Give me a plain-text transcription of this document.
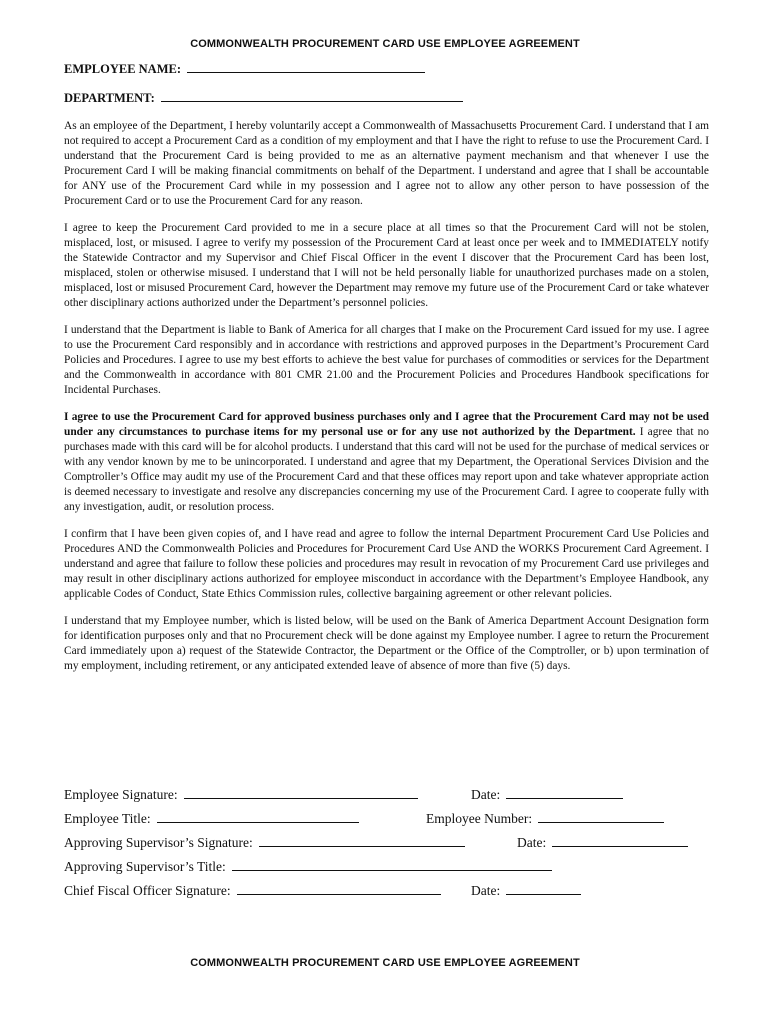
COMMONWEALTH PROCUREMENT CARD USE EMPLOYEE AGREEMENT
EMPLOYEE NAME:
DEPARTMENT:

As an employee of the Department, I hereby voluntarily accept a Commonwealth of Massachusetts Procurement Card. I understand that I am not required to accept a Procurement Card as a condition of my employment and that I have the right to refuse to use the Procurement Card. I understand that the Procurement Card is being provided to me as an alternative payment mechanism and that whenever I use the Procurement Card I will be making financial commitments on behalf of the Department. I understand and agree that I shall be accountable for ANY use of the Procurement Card while in my possession and I agree not to allow any other person to have possession of the Procurement Card or to use the Procurement Card for any reason.

I agree to keep the Procurement Card provided to me in a secure place at all times so that the Procurement Card will not be stolen, misplaced, lost, or misused. I agree to verify my possession of the Procurement Card at least once per week and to IMMEDIATELY notify the Statewide Contractor and my Supervisor and Chief Fiscal Officer in the event I discover that the Procurement Card has been lost, misplaced, stolen or otherwise misused. I understand that I will not be held personally liable for unauthorized purchases made on a stolen, misplaced, lost or misused Procurement Card, however the Department may remove my future use of the Procurement Card or take whatever other disciplinary actions authorized under the Department’s personnel policies.

I understand that the Department is liable to Bank of America for all charges that I make on the Procurement Card issued for my use. I agree to use the Procurement Card responsibly and in accordance with restrictions and approved purposes in the Department’s Procurement Card Policies and Procedures. I agree to use my best efforts to achieve the best value for purchases of commodities or services for the Department and the Commonwealth in accordance with 801 CMR 21.00 and the Procurement Policies and Procedures Handbook specifications for Incidental Purchases.

I agree to use the Procurement Card for approved business purchases only and I agree that the Procurement Card may not be used under any circumstances to purchase items for my personal use or for any use not authorized by the Department. I agree that no purchases made with this card will be for alcohol products. I understand that this card will not be used for the purchase of medical services or with any vendor known by me to be unincorporated. I understand and agree that my Department, the Operational Services Division and the Comptroller’s Office may audit my use of the Procurement Card and that these offices may report upon and take whatever appropriate action is deemed necessary to investigate and resolve any discrepancies concerning my use of the Procurement Card. I agree to cooperate fully with any investigation, audit, or resolution process.

I confirm that I have been given copies of, and I have read and agree to follow the internal Department Procurement Card Use Policies and Procedures AND the Commonwealth Policies and Procedures for Procurement Card Use AND the WORKS Procurement Card Agreement. I understand and agree that failure to follow these policies and procedures may result in revocation of my Procurement Card use privileges and may result in other disciplinary actions authorized for employee misconduct in accordance with the Department’s Employee Handbook, any applicable Codes of Conduct, State Ethics Commission rules, collective bargaining agreement or other relevant policies.

I understand that my Employee number, which is listed below, will be used on the Bank of America Department Account Designation form for identification purposes only and that no Procurement check will be done against my Employee number. I agree to return the Procurement Card immediately upon a) request of the Statewide Contractor, the Department or the Office of the Comptroller, or b) upon termination of my employment, including retirement, or any anticipated extended leave of absence of more than five (5) days.

Employee Signature:	Date:
Employee Title:	Employee Number:
Approving Supervisor’s Signature:	Date:
Approving Supervisor’s Title:
Chief Fiscal Officer Signature:	Date:
COMMONWEALTH PROCUREMENT CARD USE EMPLOYEE AGREEMENT
